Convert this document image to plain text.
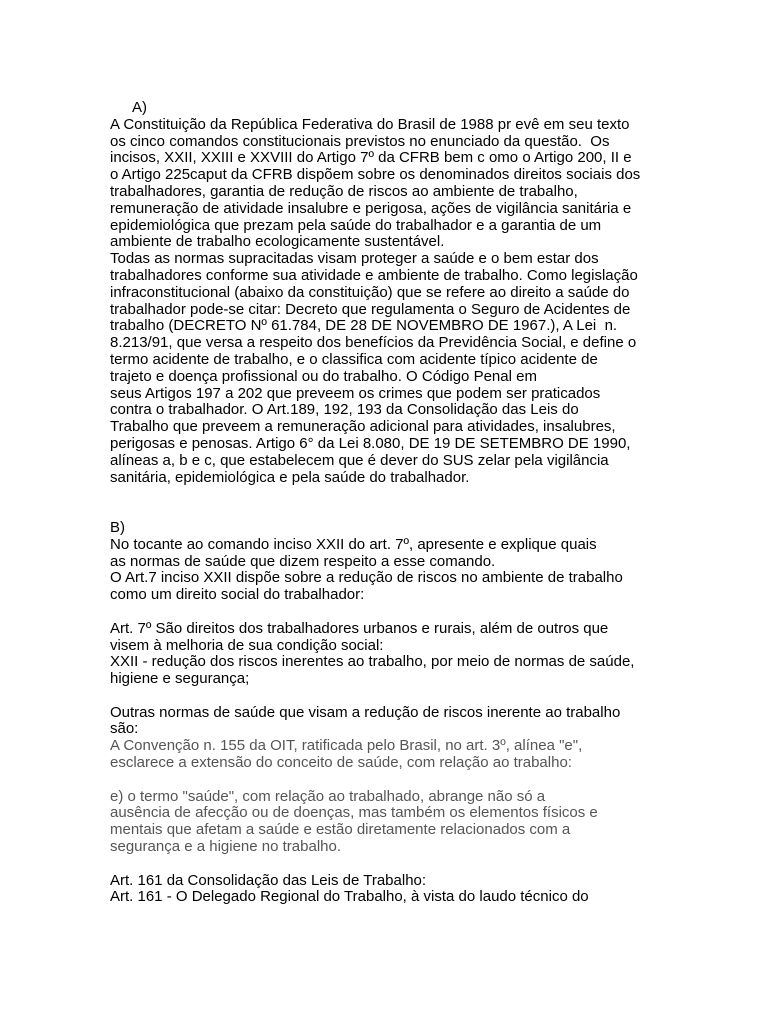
A)
A Constituição da República Federativa do Brasil de 1988 pr evê em seu texto
os cinco comandos constitucionais previstos no enunciado da questão.  Os
incisos, XXII, XXIII e XXVIII do Artigo 7º da CFRB bem c omo o Artigo 200, II e
o Artigo 225caput da CFRB dispõem sobre os denominados direitos sociais dos
trabalhadores, garantia de redução de riscos ao ambiente de trabalho,
remuneração de atividade insalubre e perigosa, ações de vigilância sanitária e
epidemiológica que prezam pela saúde do trabalhador e a garantia de um
ambiente de trabalho ecologicamente sustentável.
Todas as normas supracitadas visam proteger a saúde e o bem estar dos
trabalhadores conforme sua atividade e ambiente de trabalho. Como legislação
infraconstitucional (abaixo da constituição) que se refere ao direito a saúde do
trabalhador pode-se citar: Decreto que regulamenta o Seguro de Acidentes de
trabalho (DECRETO Nº 61.784, DE 28 DE NOVEMBRO DE 1967.), A Lei  n.
8.213/91, que versa a respeito dos benefícios da Previdência Social, e define o
termo acidente de trabalho, e o classifica com acidente típico acidente de
trajeto e doença profissional ou do trabalho. O Código Penal em
seus Artigos 197 a 202 que preveem os crimes que podem ser praticados
contra o trabalhador. O Art.189, 192, 193 da Consolidação das Leis do
Trabalho que preveem a remuneração adicional para atividades, insalubres,
perigosas e penosas. Artigo 6° da Lei 8.080, DE 19 DE SETEMBRO DE 1990,
alíneas a, b e c, que estabelecem que é dever do SUS zelar pela vigilância
sanitária, epidemiológica e pela saúde do trabalhador.
B)
No tocante ao comando inciso XXII do art. 7º, apresente e explique quais
as normas de saúde que dizem respeito a esse comando.
O Art.7 inciso XXII dispõe sobre a redução de riscos no ambiente de trabalho
como um direito social do trabalhador:
Art. 7º São direitos dos trabalhadores urbanos e rurais, além de outros que
visem à melhoria de sua condição social:
XXII - redução dos riscos inerentes ao trabalho, por meio de normas de saúde,
higiene e segurança;
Outras normas de saúde que visam a redução de riscos inerente ao trabalho
são:
A Convenção n. 155 da OIT, ratificada pelo Brasil, no art. 3º, alínea "e",
esclarece a extensão do conceito de saúde, com relação ao trabalho:
e) o termo "saúde", com relação ao trabalhado, abrange não só a
ausência de afecção ou de doenças, mas também os elementos físicos e
mentais que afetam a saúde e estão diretamente relacionados com a
segurança e a higiene no trabalho.
Art. 161 da Consolidação das Leis de Trabalho:
Art. 161 - O Delegado Regional do Trabalho, à vista do laudo técnico do
